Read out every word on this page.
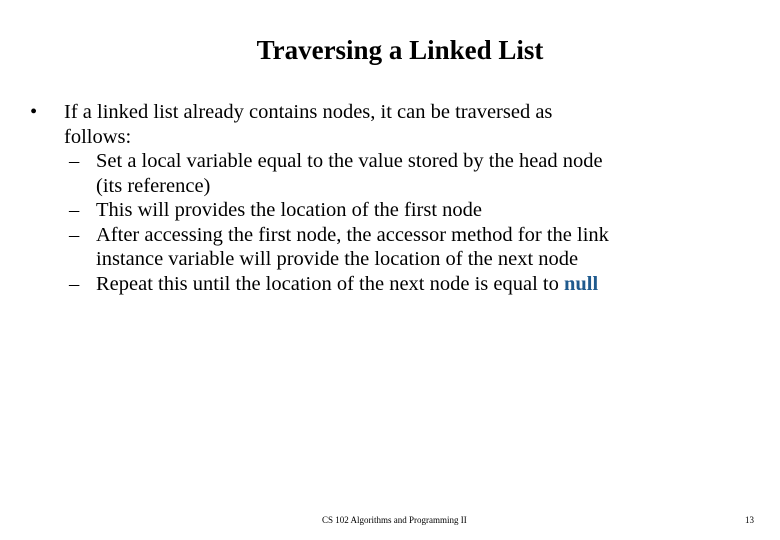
Traversing a Linked List
• If a linked list already contains nodes, it can be traversed as
follows:
– Set a local variable equal to the value stored by the head node
(its reference)
– This will provides the location of the first node
– After accessing the first node, the accessor method for the link
instance variable will provide the location of the next node
– Repeat this until the location of the next node is equal to null
CS 102 Algorithms and Programming II	13
